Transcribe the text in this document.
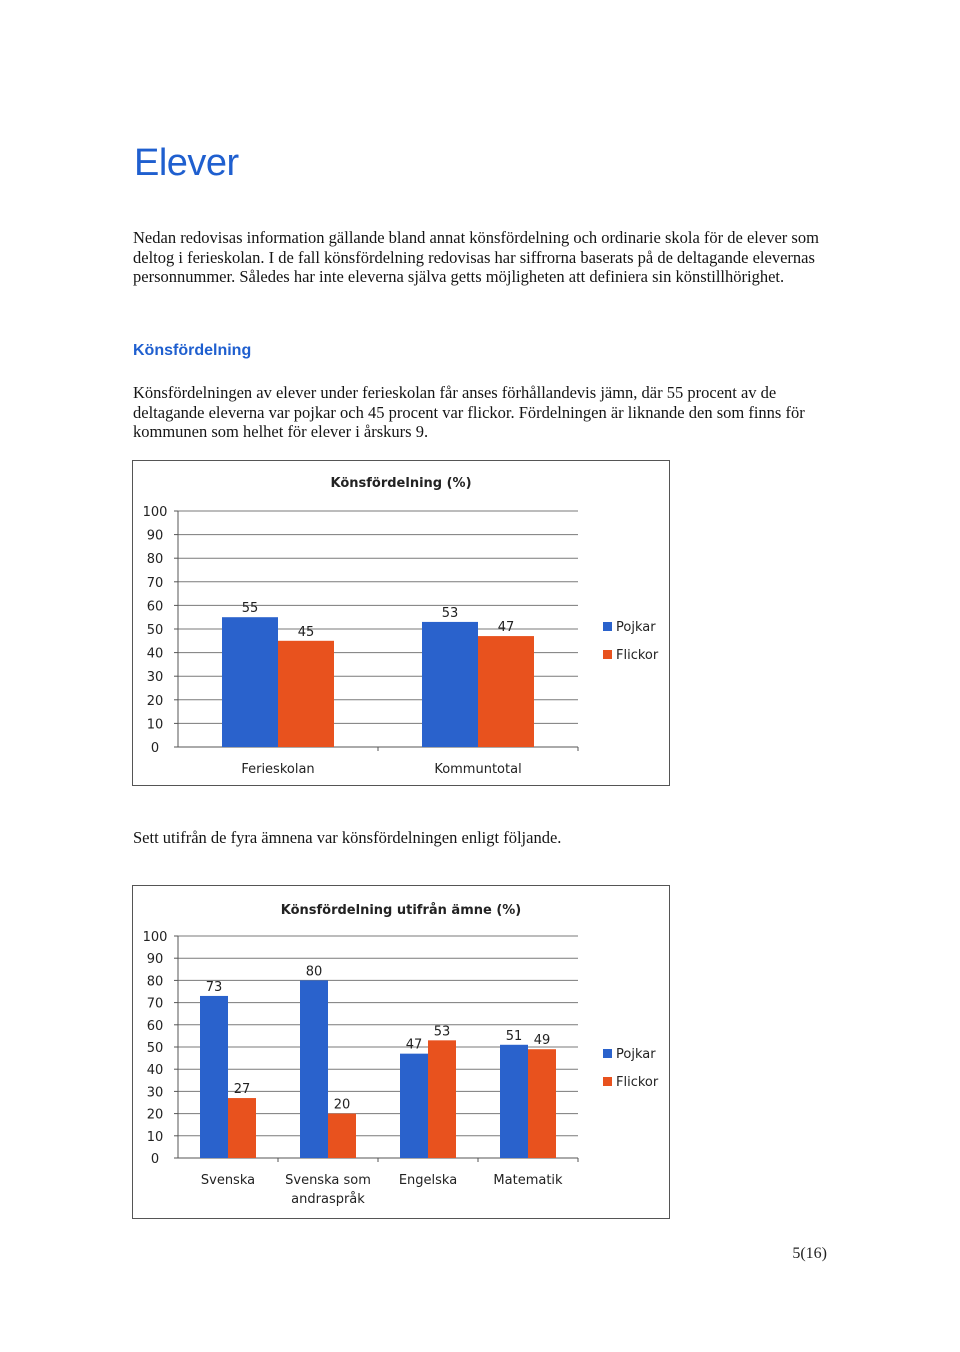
Elever

Nedan redovisas information gällande bland annat könsfördelning och ordinarie skola för de elever som deltog i ferieskolan. I de fall könsfördelning redovisas har siffrorna baserats på de deltagande elevernas personnummer. Således har inte eleverna själva getts möjligheten att definiera sin könstillhörighet.

Könsfördelning

Könsfördelningen av elever under ferieskolan får anses förhållandevis jämn, där 55 procent av de deltagande eleverna var pojkar och 45 procent var flickor. Fördelningen är liknande den som finns för kommunen som helhet för elever i årskurs 9.

Könsfördelning (%)
0
10
20
30
40
50
60
70
80
90
100
55
45
Ferieskolan
53
47
Kommuntotal
Pojkar
Flickor

Sett utifrån de fyra ämnena var könsfördelningen enligt följande.

Könsfördelning utifrån ämne (%)
0
10
20
30
40
50
60
70
80
90
100
73
27
Svenska
80
20
Svenska som
andraspråk
47
53
Engelska
51 49
Matematik
Pojkar
Flickor
5(16)
